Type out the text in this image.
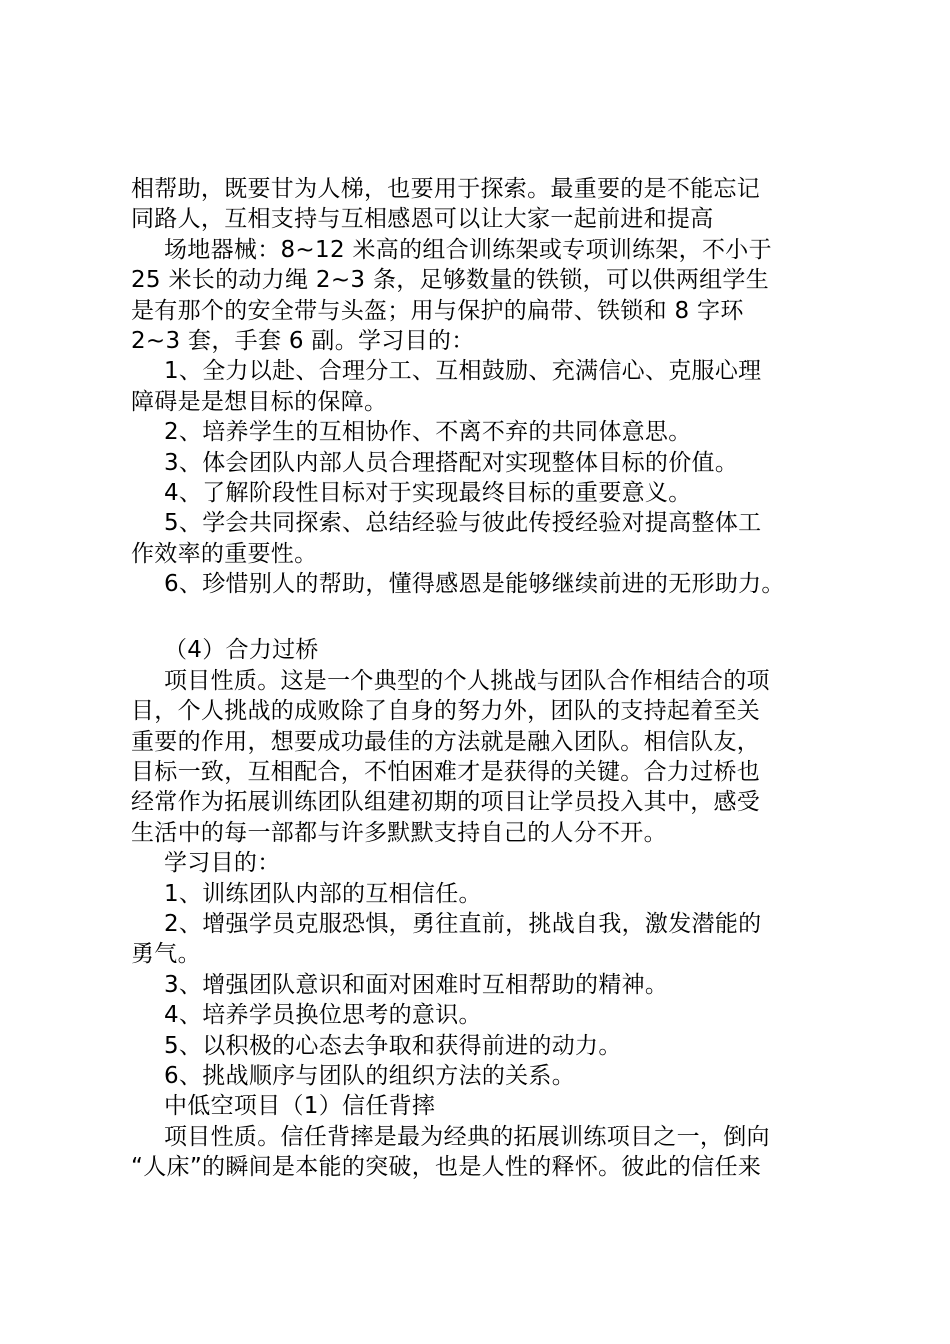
相帮助，既要甘为人梯，也要用于探索。最重要的是不能忘记
同路人，互相支持与互相感恩可以让大家一起前进和提高
场地器械：8~12 米高的组合训练架或专项训练架，不小于
25 米长的动力绳 2~3 条，足够数量的铁锁，可以供两组学生
是有那个的安全带与头盔；用与保护的扁带、铁锁和 8 字环
2~3 套，手套 6 副。学习目的：
1、全力以赴、合理分工、互相鼓励、充满信心、克服心理
障碍是是想目标的保障。
2、培养学生的互相协作、不离不弃的共同体意思。
3、体会团队内部人员合理搭配对实现整体目标的价值。
4、了解阶段性目标对于实现最终目标的重要意义。
5、学会共同探索、总结经验与彼此传授经验对提高整体工
作效率的重要性。
6、珍惜别人的帮助，懂得感恩是能够继续前进的无形助力。
（4）合力过桥
项目性质。这是一个典型的个人挑战与团队合作相结合的项
目，个人挑战的成败除了自身的努力外，团队的支持起着至关
重要的作用，想要成功最佳的方法就是融入团队。相信队友，
目标一致，互相配合，不怕困难才是获得的关键。合力过桥也
经常作为拓展训练团队组建初期的项目让学员投入其中，感受
生活中的每一部都与许多默默支持自己的人分不开。
学习目的：
1、训练团队内部的互相信任。
2、增强学员克服恐惧，勇往直前，挑战自我，激发潜能的
勇气。
3、增强团队意识和面对困难时互相帮助的精神。
4、培养学员换位思考的意识。
5、以积极的心态去争取和获得前进的动力。
6、挑战顺序与团队的组织方法的关系。
中低空项目（1）信任背摔
项目性质。信任背摔是最为经典的拓展训练项目之一，倒向
“人床”的瞬间是本能的突破，也是人性的释怀。彼此的信任来
